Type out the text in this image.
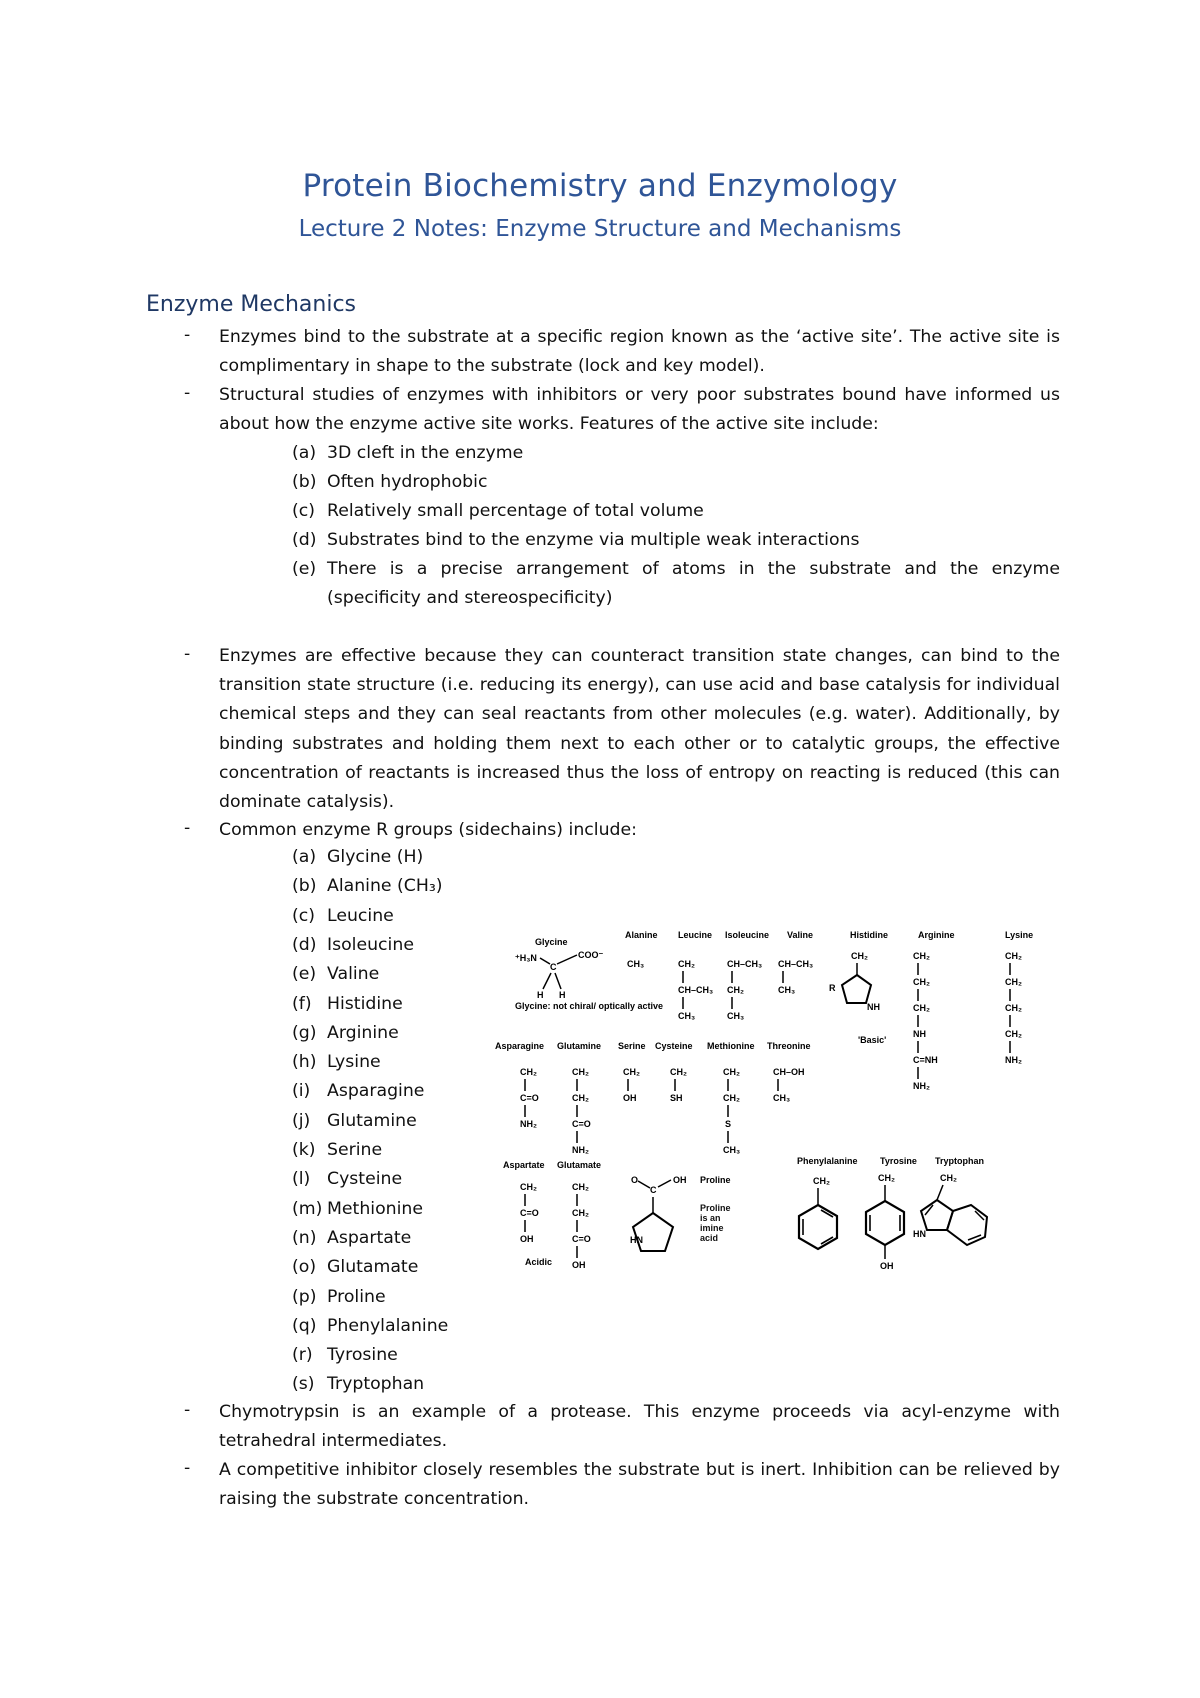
Protein Biochemistry and Enzymology
Lecture 2 Notes: Enzyme Structure and Mechanisms
Enzyme Mechanics
- Enzymes bind to the substrate at a specific region known as the ‘active site’. The active site is complimentary in shape to the substrate (lock and key model).

- Structural studies of enzymes with inhibitors or very poor substrates bound have informed us about how the enzyme active site works. Features of the active site include:

(a) 3D cleft in the enzyme
(b) Often hydrophobic
(c) Relatively small percentage of total volume
(d) Substrates bind to the enzyme via multiple weak interactions
(e) There is a precise arrangement of atoms in the substrate and the enzyme (specificity and stereospecificity)
- Enzymes are effective because they can counteract transition state changes, can bind to the transition state structure (i.e. reducing its energy), can use acid and base catalysis for individual chemical steps and they can seal reactants from other molecules (e.g. water). Additionally, by binding substrates and holding them next to each other or to catalytic groups, the effective concentration of reactants is increased thus the loss of entropy on reacting is reduced (this can dominate catalysis).

- Common enzyme R groups (sidechains) include:

(a) Glycine (H)
(b) Alanine (CH₃)
(c) Leucine
(d) Isoleucine
(e) Valine
(f) Histidine
(g) Arginine
(h) Lysine
(i) Asparagine
(j) Glutamine
(k) Serine
(l) Cysteine
(m) Methionine
(n) Aspartate
(o) Glutamate
(p) Proline
(q) Phenylalanine
(r) Tyrosine
(s) Tryptophan
- Chymotrypsin is an example of a protease. This enzyme proceeds via acyl-enzyme with tetrahedral intermediates.

- A competitive inhibitor closely resembles the substrate but is inert. Inhibition can be relieved by raising the substrate concentration.

Glycine
Alanine Leucine Isoleucine Valine	Histidine	Arginine	Lysine
⁺H₃N
C
COO⁻
H H
Glycine: not chiral/ optically active
CH₃	CH₂
CH–CH₃
CH₃
CH–CH₃
CH₂
CH₃
CH–CH₃
CH₃
CH₂
NH
R
'Basic'
CH₂
CH₂
CH₂
NH
C=NH
NH₂
CH₂
CH₂
CH₂
CH₂
NH₂
Asparagine Glutamine Serine Cysteine Methionine Threonine
CH₂
C=O
NH₂
CH₂
CH₂
C=O
NH₂
CH₂
OH
CH₂
SH
CH₂
CH₂
S
CH₃
CH–OH
CH₃
Aspartate Glutamate
Proline
Phenylalanine Tyrosine Tryptophan
CH₂
C=O
OH
Acidic
CH₂
CH₂
C=O
OH
O
C
OH
HN
Proline is an imine acid
CH₂	CH₂
OH
CH₂
HN
